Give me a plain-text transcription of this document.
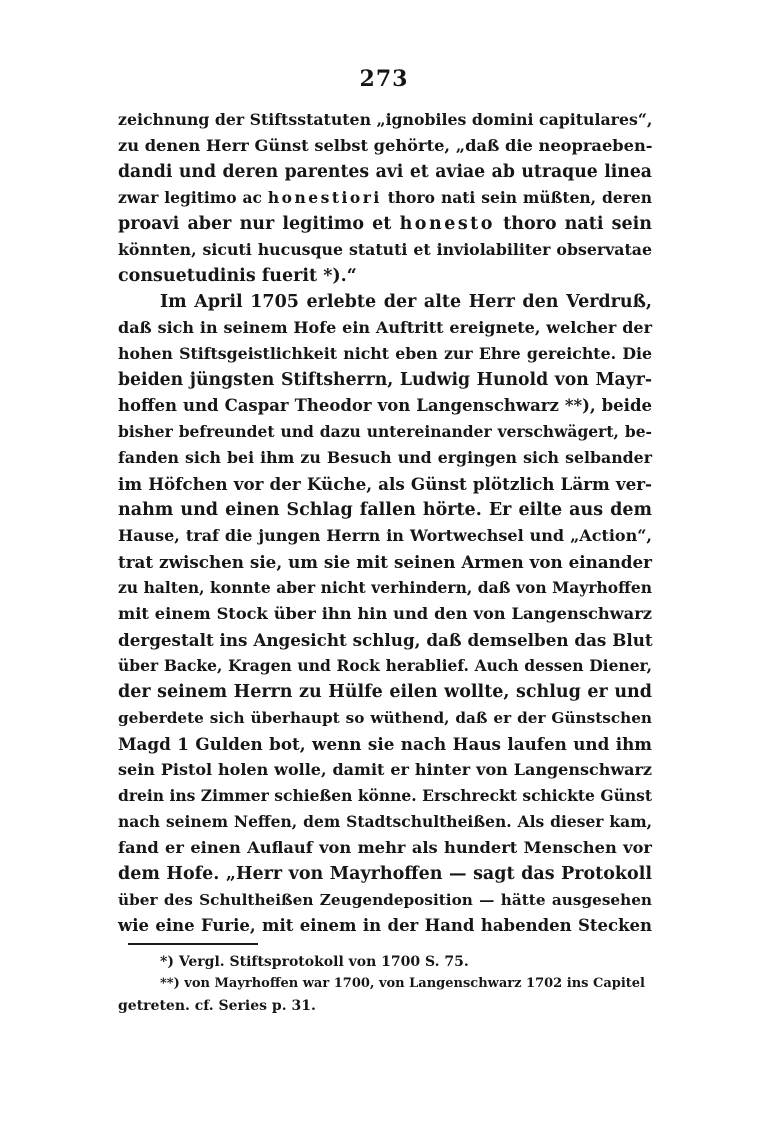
273
zeichnung der Stiftsstatuten „ignobiles domini capitulares“,
zu denen Herr Günst selbst gehörte, „daß die neopraeben-
dandi und deren parentes avi et aviae ab utraque linea
zwar legitimo ac honestiori thoro nati sein müßten, deren
proavi aber nur legitimo et honesto thoro nati sein
könnten, sicuti hucusque statuti et inviolabiliter observatae
consuetudinis fuerit *).“
Im April 1705 erlebte der alte Herr den Verdruß,
daß sich in seinem Hofe ein Auftritt ereignete, welcher der
hohen Stiftsgeistlichkeit nicht eben zur Ehre gereichte. Die
beiden jüngsten Stiftsherrn, Ludwig Hunold von Mayr-
hoffen und Caspar Theodor von Langenschwarz **), beide
bisher befreundet und dazu untereinander verschwägert, be-
fanden sich bei ihm zu Besuch und ergingen sich selbander
im Höfchen vor der Küche, als Günst plötzlich Lärm ver-
nahm und einen Schlag fallen hörte. Er eilte aus dem
Hause, traf die jungen Herrn in Wortwechsel und „Action“,
trat zwischen sie, um sie mit seinen Armen von einander
zu halten, konnte aber nicht verhindern, daß von Mayrhoffen
mit einem Stock über ihn hin und den von Langenschwarz
dergestalt ins Angesicht schlug, daß demselben das Blut
über Backe, Kragen und Rock herablief. Auch dessen Diener,
der seinem Herrn zu Hülfe eilen wollte, schlug er und
geberdete sich überhaupt so wüthend, daß er der Günstschen
Magd 1 Gulden bot, wenn sie nach Haus laufen und ihm
sein Pistol holen wolle, damit er hinter von Langenschwarz
drein ins Zimmer schießen könne. Erschreckt schickte Günst
nach seinem Neffen, dem Stadtschultheißen. Als dieser kam,
fand er einen Auflauf von mehr als hundert Menschen vor
dem Hofe. „Herr von Mayrhoffen — sagt das Protokoll
über des Schultheißen Zeugendeposition — hätte ausgesehen
wie eine Furie, mit einem in der Hand habenden Stecken
*) Vergl. Stiftsprotokoll von 1700 S. 75.
**) von Mayrhoffen war 1700, von Langenschwarz 1702 ins Capitel
getreten. cf. Series p. 31.
